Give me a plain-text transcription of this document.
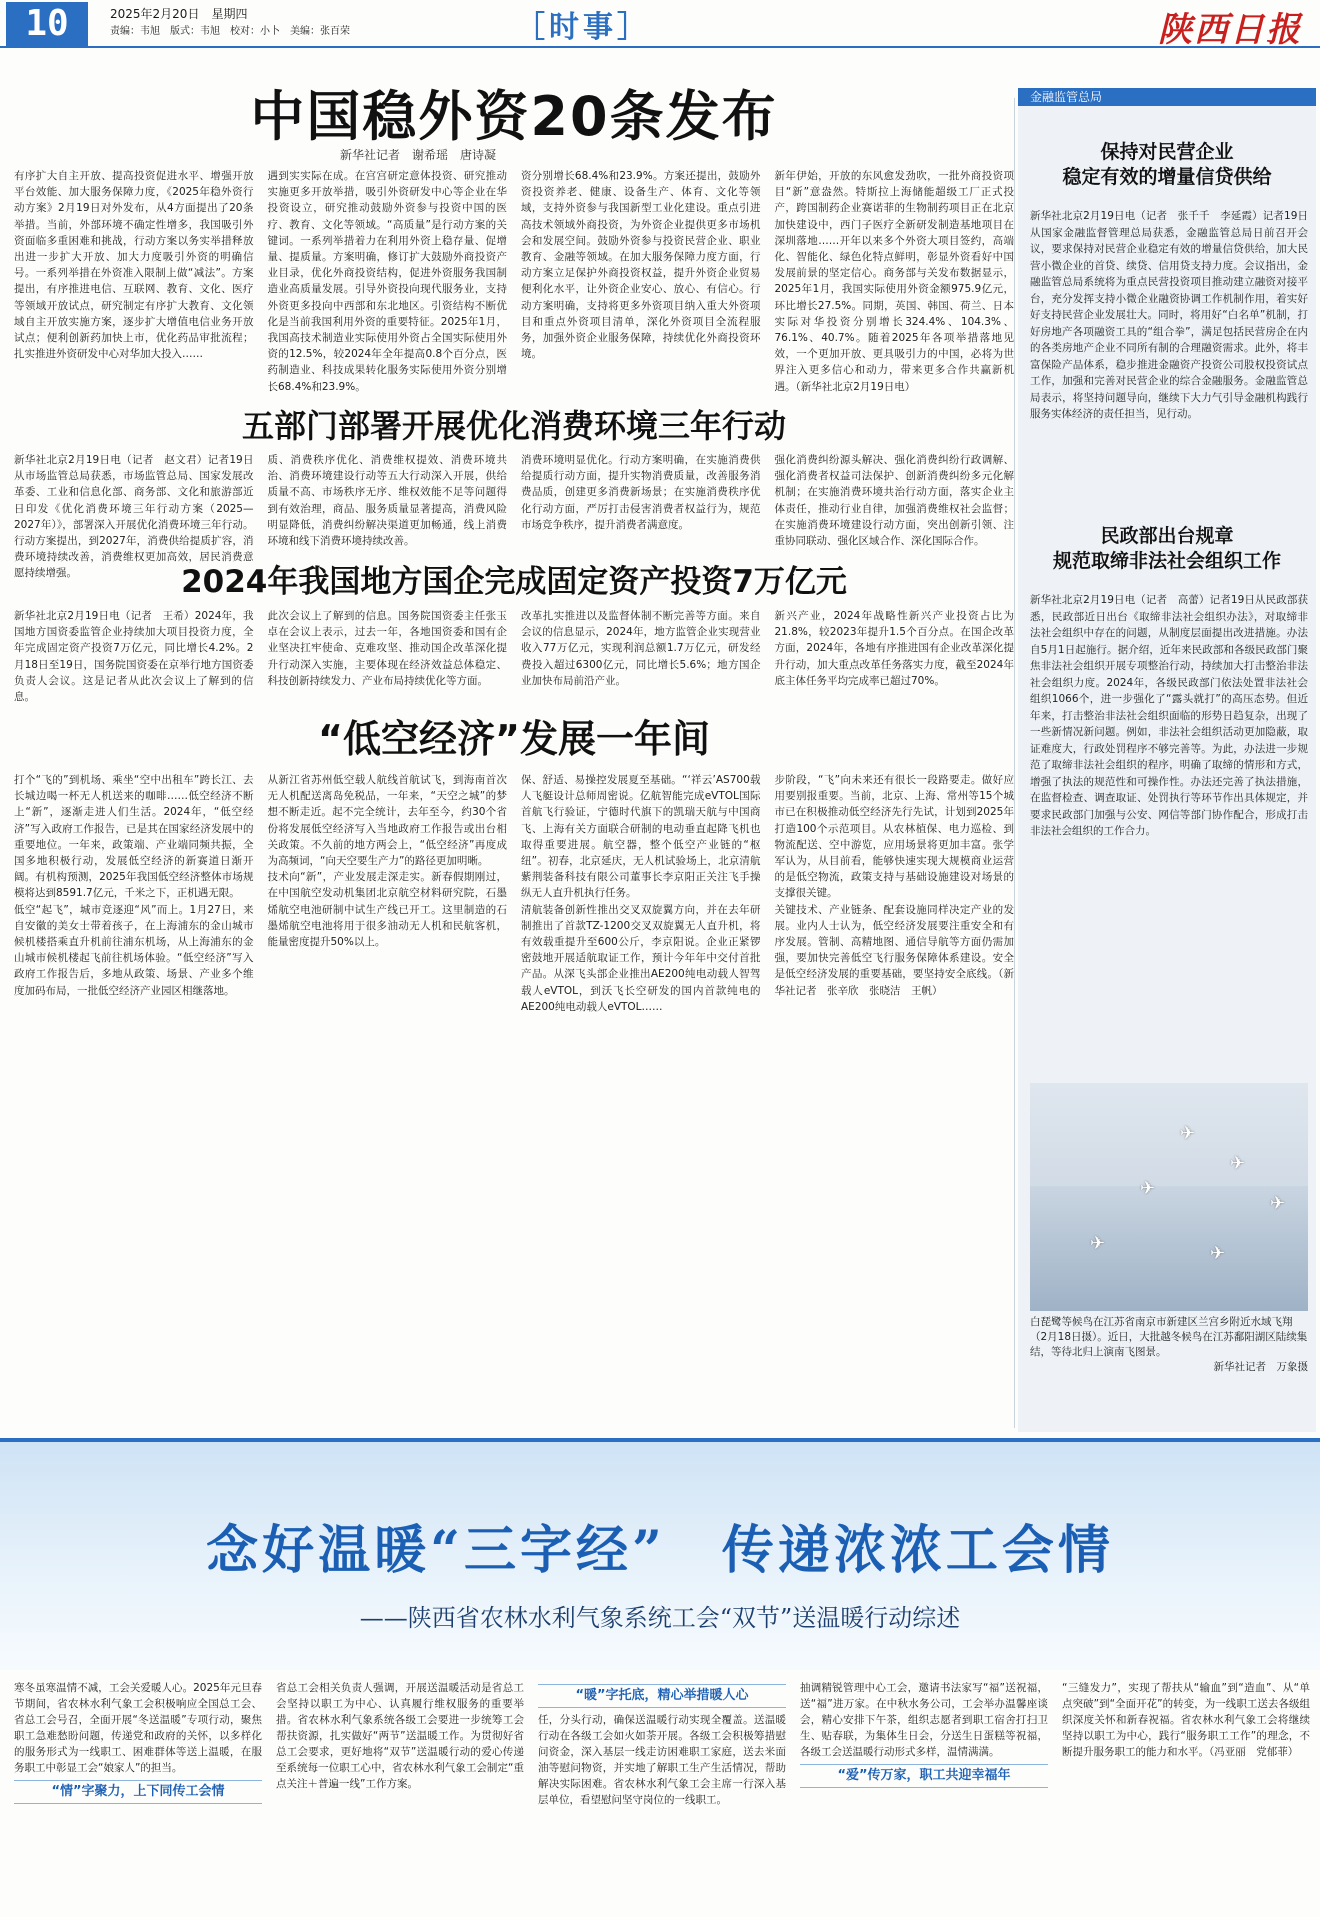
10	2025年2月20日　星期四
责编：韦旭　版式：韦旭　校对：小卜　美编：张百荣	［时事］	陕西日报
中国稳外资20条发布
新华社记者　谢希瑶　唐诗凝

有序扩大自主开放、提高投资促进水平、增强开放平台效能、加大服务保障力度，《2025年稳外资行动方案》2月19日对外发布，从4方面提出了20条举措。当前，外部环境不确定性增多，我国吸引外资面临多重困难和挑战，行动方案以务实举措释放出进一步扩大开放、加大力度吸引外资的明确信号。一系列举措在外资准入限制上做“减法”。方案提出，有序推进电信、互联网、教育、文化、医疗等领域开放试点，研究制定有序扩大教育、文化领域自主开放实施方案，逐步扩大增值电信业务开放试点；便利创新药加快上市，优化药品审批流程；扎实推进外资研发中心对华加大投入……

遇到实实际在成。在宫宫研定意体投资、研究推动实施更多开放举措，吸引外资研发中心等企业在华投资设立，研究推动鼓励外资参与投资中国的医疗、教育、文化等领域。“高质量”是行动方案的关键词。一系列举措着力在利用外资上稳存量、促增量、提质量。方案明确，修订扩大鼓励外商投资产业目录，优化外商投资结构，促进外资服务我国制造业高质量发展。引导外资投向现代服务业，支持外资更多投向中西部和东北地区。引资结构不断优化是当前我国利用外资的重要特征。2025年1月，我国高技术制造业实际使用外资占全国实际使用外资的12.5%，较2024年全年提高0.8个百分点，医药制造业、科技成果转化服务实际使用外资分别增长68.4%和23.9%。

资分别增长68.4%和23.9%。方案还提出，鼓励外资投资养老、健康、设备生产、体育、文化等领域，支持外资参与我国新型工业化建设。重点引进高技术领域外商投资，为外资企业提供更多市场机会和发展空间。鼓励外资参与投资民营企业、职业教育、金融等领域。在加大服务保障力度方面，行动方案立足保护外商投资权益，提升外资企业贸易便利化水平，让外资企业安心、放心、有信心。行动方案明确，支持将更多外资项目纳入重大外资项目和重点外资项目清单，深化外资项目全流程服务，加强外资企业服务保障，持续优化外商投资环境。

新年伊始，开放的东风愈发劲吹，一批外商投资项目“新”意盎然。特斯拉上海储能超级工厂正式投产，跨国制药企业赛诺菲的生物制药项目正在北京加快建设中，西门子医疗全新研发制造基地项目在深圳落地……开年以来多个外资大项目签约，高端化、智能化、绿色化特点鲜明，彰显外资看好中国发展前景的坚定信心。商务部与关发布数据显示，2025年1月，我国实际使用外资金额975.9亿元，环比增长27.5%。同期，英国、韩国、荷兰、日本实际对华投资分别增长324.4%、104.3%、76.1%、40.7%。随着2025年各项举措落地见效，一个更加开放、更具吸引力的中国，必将为世界注入更多信心和动力，带来更多合作共赢新机遇。（新华社北京2月19日电）

五部门部署开展优化消费环境三年行动

新华社北京2月19日电（记者　赵文君）记者19日从市场监管总局获悉，市场监管总局、国家发展改革委、工业和信息化部、商务部、文化和旅游部近日印发《优化消费环境三年行动方案（2025—2027年）》，部署深入开展优化消费环境三年行动。行动方案提出，到2027年，消费供给提质扩容，消费环境持续改善，消费维权更加高效，居民消费意愿持续增强。

质、消费秩序优化、消费维权提效、消费环境共治、消费环境建设行动等五大行动深入开展，供给质量不高、市场秩序无序、维权效能不足等问题得到有效治理，商品、服务质量显著提高，消费风险明显降低，消费纠纷解决渠道更加畅通，线上消费环境和线下消费环境持续改善。

消费环境明显优化。行动方案明确，在实施消费供给提质行动方面，提升实物消费质量，改善服务消费品质，创建更多消费新场景；在实施消费秩序优化行动方面，严厉打击侵害消费者权益行为，规范市场竞争秩序，提升消费者满意度。

强化消费纠纷源头解决、强化消费纠纷行政调解、强化消费者权益司法保护、创新消费纠纷多元化解机制；在实施消费环境共治行动方面，落实企业主体责任，推动行业自律，加强消费维权社会监督；在实施消费环境建设行动方面，突出创新引领、注重协同联动、强化区域合作、深化国际合作。

2024年我国地方国企完成固定资产投资7万亿元

新华社北京2月19日电（记者　王希）2024年，我国地方国资委监管企业持续加大项目投资力度，全年完成固定资产投资7万亿元，同比增长4.2%。2月18日至19日，国务院国资委在京举行地方国资委负责人会议。这是记者从此次会议上了解到的信息。

此次会议上了解到的信息。国务院国资委主任张玉卓在会议上表示，过去一年，各地国资委和国有企业坚决扛牢使命、克难攻坚、推动国企改革深化提升行动深入实施，主要体现在经济效益总体稳定、科技创新持续发力、产业布局持续优化等方面。

改革扎实推进以及监督体制不断完善等方面。来自会议的信息显示，2024年，地方监管企业实现营业收入77万亿元，实现利润总额1.7万亿元，研发经费投入超过6300亿元，同比增长5.6%；地方国企业加快布局前沿产业。

新兴产业，2024年战略性新兴产业投资占比为21.8%，较2023年提升1.5个百分点。在国企改革方面，2024年，各地有序推进国有企业改革深化提升行动，加大重点改革任务落实力度，截至2024年底主体任务平均完成率已超过70%。

“低空经济”发展一年间

打个“飞的”到机场、乘坐“空中出租车”跨长江、去长城边喝一杯无人机送来的咖啡……低空经济不断上“新”，逐渐走进人们生活。2024年，“低空经济”写入政府工作报告，已是其在国家经济发展中的重要地位。一年来，政策端、产业端同频共振，全国多地积极行动，发展低空经济的新赛道日渐开阔。有机构预测，2025年我国低空经济整体市场规模将达到8591.7亿元，千米之下，正机遇无限。
低空“起飞”，城市竞逐迎“风”而上。1月27日，来自安徽的美女士带着孩子，在上海浦东的金山城市候机楼搭乘直升机前往浦东机场，从上海浦东的金山城市候机楼起飞前往机场体验。“低空经济”写入政府工作报告后，多地从政策、场景、产业多个维度加码布局，一批低空经济产业园区相继落地。

从新江省苏州低空载人航线首航试飞，到海南首次无人机配送离岛免税品，一年来，“天空之城”的梦想不断走近。起不完全统计，去年至今，约30个省份将发展低空经济写入当地政府工作报告或出台相关政策。不久前的地方两会上，“低空经济”再度成为高频词，“向天空要生产力”的路径更加明晰。
技术向“新”，产业发展走深走实。新春假期刚过，在中国航空发动机集团北京航空材料研究院，石墨烯航空电池研制中试生产线已开工。这里制造的石墨烯航空电池将用于很多油动无人机和民航客机，能量密度提升50%以上。

保、舒适、易操控发展夏至基础。“‘祥云’AS700载人飞艇设计总师周密说。亿航智能完成eVTOL国际首航飞行验证，宁德时代旗下的凯瑞天航与中国商飞、上海有关方面联合研制的电动垂直起降飞机也取得重要进展。航空器，整个低空产业链的“枢纽”。初春，北京延庆，无人机试验场上，北京清航紫荆装备科技有限公司董事长李京阳正关注飞手操纵无人直升机执行任务。
清航装备创新性推出交叉双旋翼方向，并在去年研制推出了首款TZ-1200交叉双旋翼无人直升机，将有效载重提升至600公斤，李京阳说。企业正紧锣密鼓地开展适航取证工作，预计今年年中交付首批产品。从深飞头部企业推出AE200纯电动载人智驾载人eVTOL，到沃飞长空研发的国内首款纯电的AE200纯电动载人eVTOL……

步阶段，“飞”向未来还有很长一段路要走。做好应用要别报重要。当前，北京、上海、常州等15个城市已在积极推动低空经济先行先试，计划到2025年打造100个示范项目。从农林植保、电力巡检、到物流配送、空中游览，应用场景将更加丰富。张学军认为，从目前看，能够快速实现大规模商业运营的是低空物流，政策支持与基础设施建设对场景的支撑很关键。
关键技术、产业链条、配套设施同样决定产业的发展。业内人士认为，低空经济发展要注重安全和有序发展。管制、高精地图、通信导航等方面仍需加强，要加快完善低空飞行服务保障体系建设。安全是低空经济发展的重要基础，要坚持安全底线。（新华社记者　张辛欣　张晓洁　王帆）

金融监管总局
保持对民营企业
稳定有效的增量信贷供给
新华社北京2月19日电（记者　张千千　李延霞）记者19日从国家金融监督管理总局获悉，金融监管总局日前召开会议，要求保持对民营企业稳定有效的增量信贷供给，加大民营小微企业的首贷、续贷、信用贷支持力度。会议指出，金融监管总局系统将为重点民营投资项目推动建立融资对接平台，充分发挥支持小微企业融资协调工作机制作用，着实好好支持民营企业发展壮大。同时，将用好“白名单”机制，打好房地产各项融资工具的“组合拳”，满足包括民营房企在内的各类房地产企业不同所有制的合理融资需求。此外，将丰富保险产品体系，稳步推进金融资产投资公司股权投资试点工作，加强和完善对民营企业的综合金融服务。金融监管总局表示，将坚持问题导向，继续下大力气引导金融机构践行服务实体经济的责任担当，见行动。
民政部出台规章
规范取缔非法社会组织工作
新华社北京2月19日电（记者　高蕾）记者19日从民政部获悉，民政部近日出台《取缔非法社会组织办法》，对取缔非法社会组织中存在的问题，从制度层面提出改进措施。办法自5月1日起施行。据介绍，近年来民政部和各级民政部门聚焦非法社会组织开展专项整治行动，持续加大打击整治非法社会组织力度。2024年，各级民政部门依法处置非法社会组织1066个，进一步强化了“露头就打”的高压态势。但近年来，打击整治非法社会组织面临的形势日趋复杂，出现了一些新情况新问题。例如，非法社会组织活动更加隐蔽，取证难度大，行政处罚程序不够完善等。为此，办法进一步规范了取缔非法社会组织的程序，明确了取缔的情形和方式，增强了执法的规范性和可操作性。办法还完善了执法措施，在监督检查、调查取证、处罚执行等环节作出具体规定，并要求民政部门加强与公安、网信等部门协作配合，形成打击非法社会组织的工作合力。
✈
✈
✈
✈
✈	✈
白琵鹭等候鸟在江苏省南京市新建区兰宫乡附近水域飞翔（2月18日摄）。近日，大批越冬候鸟在江苏鄱阳湖区陆续集结，等待北归上演南飞图景。
新华社记者　万象摄
念好温暖“三字经”　传递浓浓工会情
——陕西省农林水利气象系统工会“双节”送温暖行动综述

寒冬虽寒温情不减，工会关爱暖人心。2025年元旦春节期间，省农林水利气象工会积极响应全国总工会、省总工会号召，全面开展“冬送温暖”专项行动，聚焦职工急难愁盼问题，传递党和政府的关怀，以多样化的服务形式为一线职工、困难群体等送上温暖，在服务职工中彰显工会“娘家人”的担当。
“情”字聚力，上下同传工会情

省总工会相关负责人强调，开展送温暖活动是省总工会坚持以职工为中心、认真履行维权服务的重要举措。省农林水利气象系统各级工会要进一步统筹工会帮扶资源，扎实做好“两节”送温暖工作。为贯彻好省总工会要求，更好地将“双节”送温暖行动的爱心传递至系统每一位职工心中，省农林水利气象工会制定“重点关注＋普遍一线”工作方案。

“暖”字托底，精心举措暖人心
任，分头行动，确保送温暖行动实现全覆盖。送温暖行动在各级工会如火如荼开展。各级工会积极筹措慰问资金，深入基层一线走访困难职工家庭，送去米面油等慰问物资，并实地了解职工生产生活情况，帮助解决实际困难。省农林水利气象工会主席一行深入基层单位，看望慰问坚守岗位的一线职工。

抽调精锐管理中心工会，邀请书法家写“福”送祝福，送“福”进万家。在中秋水务公司，工会举办温馨座谈会，精心安排下午茶，组织志愿者到职工宿舍打扫卫生、贴春联，为集体生日会，分送生日蛋糕等祝福，各级工会送温暖行动形式多样，温情满满。
“爱”传万家，职工共迎幸福年

“三缝发力”，实现了帮扶从“输血”到“造血”、从“单点突破”到“全面开花”的转变，为一线职工送去各级组织深度关怀和新春祝福。省农林水利气象工会将继续坚持以职工为中心，践行“服务职工工作”的理念，不断提升服务职工的能力和水平。（冯亚丽　党郁菲）
